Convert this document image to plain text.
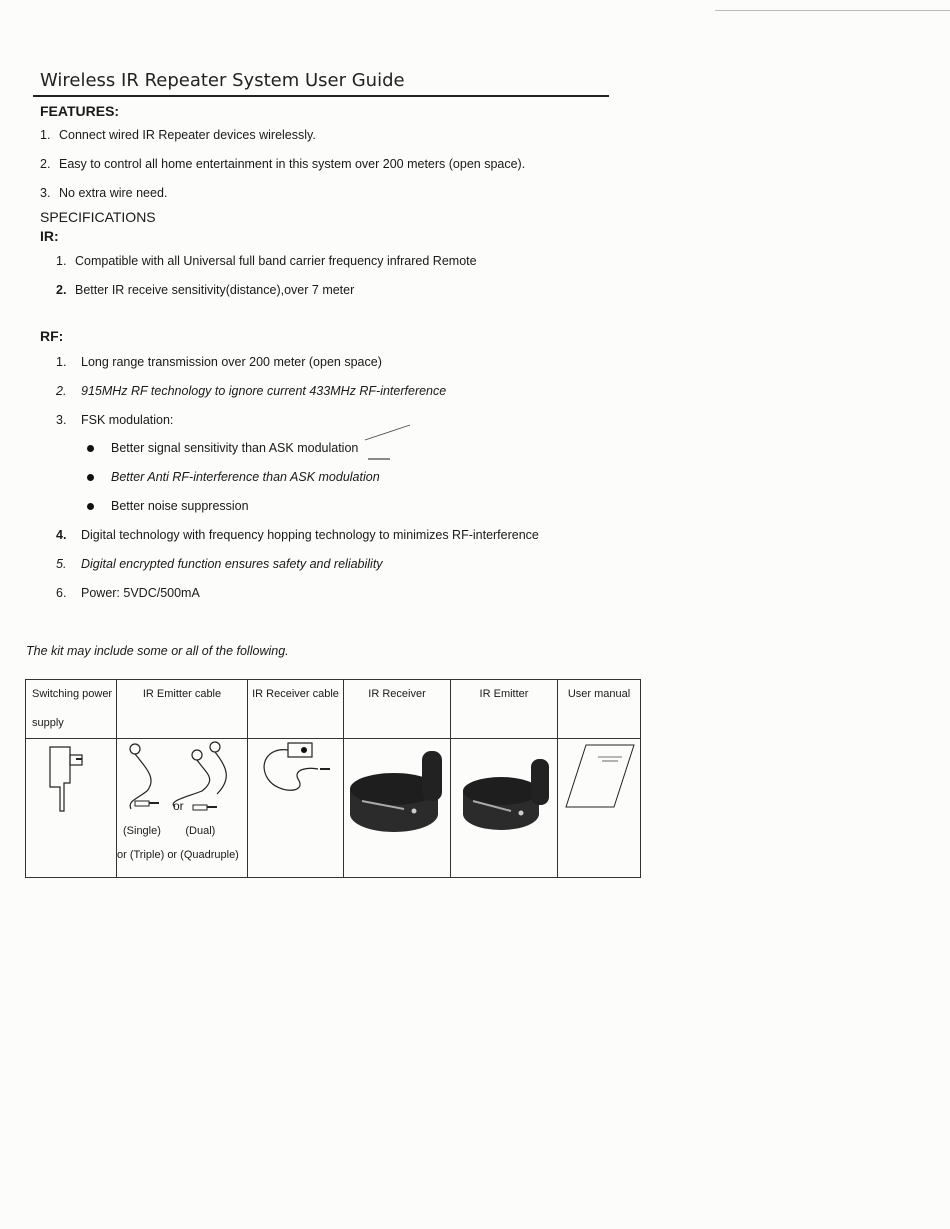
Wireless IR Repeater System User Guide
FEATURES:
1. Connect wired IR Repeater devices wirelessly.
2. Easy to control all home entertainment in this system over 200 meters (open space).
3. No extra wire need.
SPECIFICATIONS
IR:
1. Compatible with all Universal full band carrier frequency infrared Remote
2. Better IR receive sensitivity(distance),over 7 meter
RF:
1. Long range transmission over 200 meter (open space)
2. 915MHz RF technology to ignore current 433MHz RF-interference
3. FSK modulation:
Better signal sensitivity than ASK modulation
Better Anti RF-interference than ASK modulation
Better noise suppression
4. Digital technology with frequency hopping technology to minimizes RF-interference
5. Digital encrypted function ensures safety and reliability
6. Power: 5VDC/500mA
The kit may include some or all of the following.
Switching power supply	IR Emitter cable	IR Receiver cable	IR Receiver	IR Emitter	User manual

or
(Single)        (Dual)
or (Triple) or (Quadruple)
